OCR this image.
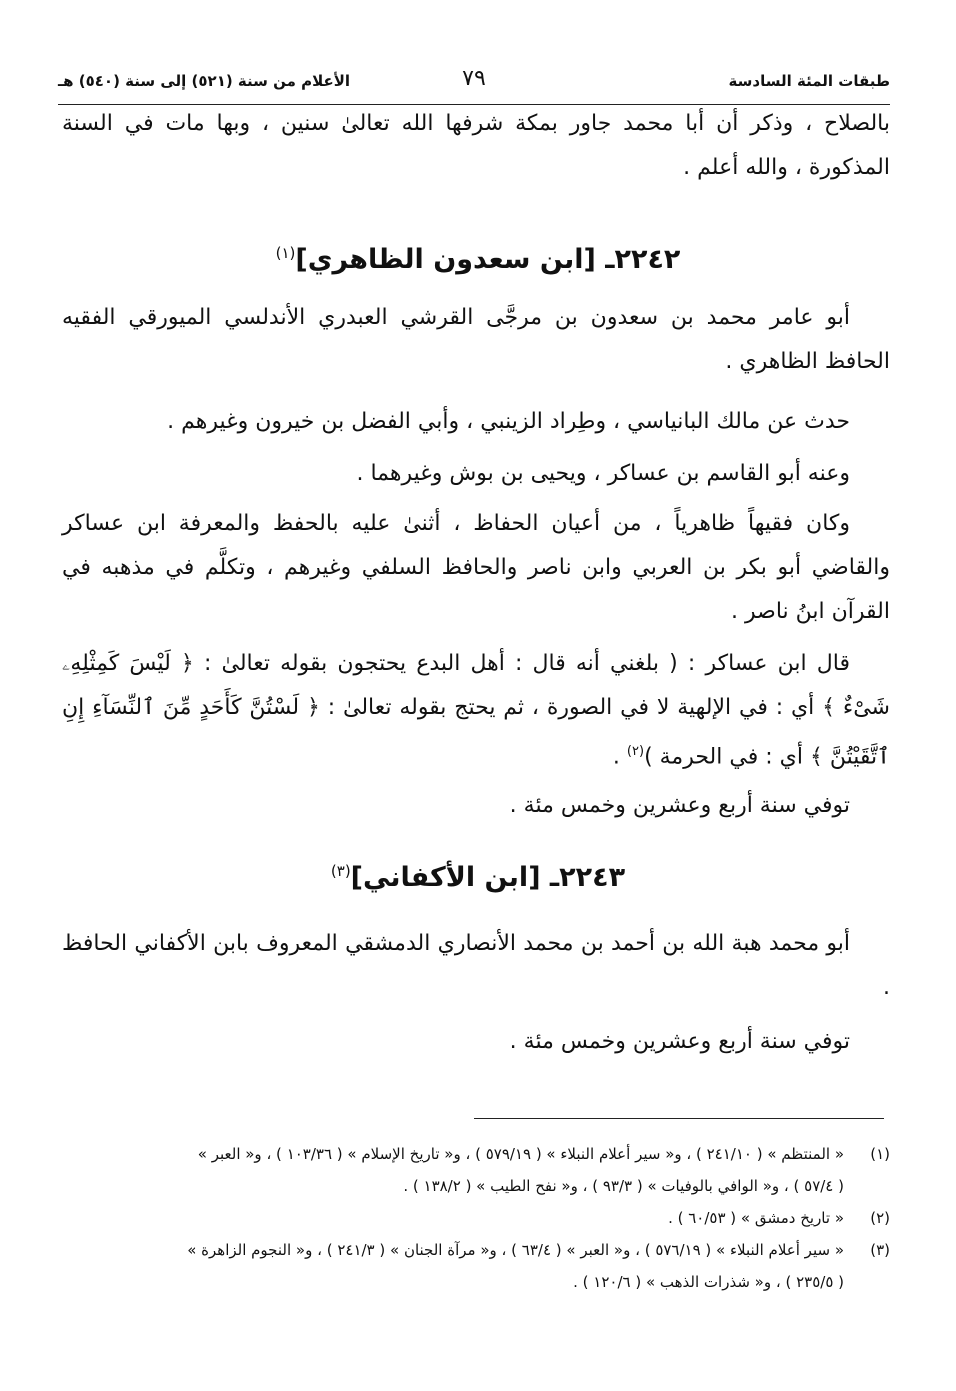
طبقات المئة السادسة
٧٩
الأعلام من سنة (٥٢١) إلى سنة (٥٤٠) هـ

بالصلاح ، وذكر أن أبا محمد جاور بمكة شرفها الله تعالىٰ سنين ، وبها مات في السنة المذكورة ، والله أعلم .

٢٢٤٢ـ [ابن سعدون الظاهري]$^{(١)}$

أبو عامر محمد بن سعدون بن مرجَّى القرشي العبدري الأندلسي الميورقي الفقيه الحافظ الظاهري .

حدث عن مالك البانياسي ، وطِراد الزينبي ، وأبي الفضل بن خيرون وغيرهم .

وعنه أبو القاسم بن عساكر ، ويحيى بن بوش وغيرهما .

وكان فقيهاً ظاهرياً ، من أعيان الحفاظ ، أثنىٰ عليه بالحفظ والمعرفة ابن عساكر والقاضي أبو بكر بن العربي وابن ناصر والحافظ السلفي وغيرهم ، وتكلَّم في مذهبه في القرآن ابنُ ناصر .

قال ابن عساكر : ( بلغني أنه قال : أهل البدع يحتجون بقوله تعالىٰ : ﴿ لَيْسَ كَمِثْلِهِۦ شَىْءٌ ﴾ أي : في الإلهية لا في الصورة ، ثم يحتج بقوله تعالىٰ : ﴿ لَسْتُنَّ كَأَحَدٍ مِّنَ ٱلنِّسَآءِ إِنِ ٱتَّقَيْتُنَّ ﴾ أي : في الحرمة )$^{(٢)}$ .

توفي سنة أربع وعشرين وخمس مئة .

٢٢٤٣ـ [ابن الأكفاني]$^{(٣)}$

أبو محمد هبة الله بن أحمد بن محمد الأنصاري الدمشقي المعروف بابن الأكفاني الحافظ .

توفي سنة أربع وعشرين وخمس مئة .

(١)« المنتظم » ( ٢٤١/١٠ ) ، و« سير أعلام النبلاء » ( ٥٧٩/١٩ ) ، و« تاريخ الإسلام » ( ١٠٣/٣٦ ) ، و« العبر »
( ٥٧/٤ ) ، و« الوافي بالوفيات » ( ٩٣/٣ ) ، و« نفح الطيب » ( ١٣٨/٢ ) .
(٢)« تاريخ دمشق » ( ٦٠/٥٣ ) .
(٣)« سير أعلام النبلاء » ( ٥٧٦/١٩ ) ، و« العبر » ( ٦٣/٤ ) ، و« مرآة الجنان » ( ٢٤١/٣ ) ، و« النجوم الزاهرة »
( ٢٣٥/٥ ) ، و« شذرات الذهب » ( ١٢٠/٦ ) .
